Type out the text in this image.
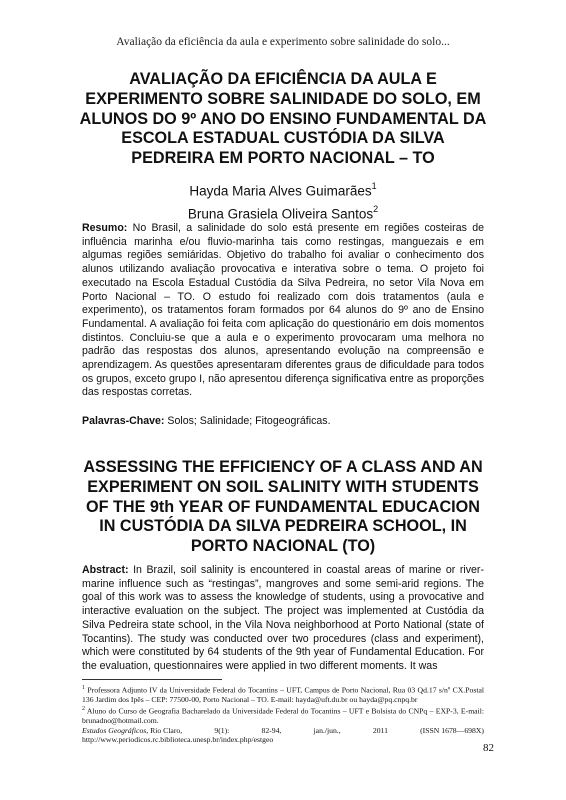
Avaliação da eficiência da aula e experimento sobre salinidade do solo...
AVALIAÇÃO DA EFICIÊNCIA DA AULA E EXPERIMENTO SOBRE SALINIDADE DO SOLO, EM ALUNOS DO 9º ANO DO ENSINO FUNDAMENTAL DA ESCOLA ESTADUAL CUSTÓDIA DA SILVA PEDREIRA EM PORTO NACIONAL – TO
Hayda Maria Alves Guimarães$^1$
Bruna Grasiela Oliveira Santos$^2$

Resumo: No Brasil, a salinidade do solo está presente em regiões costeiras de influência marinha e/ou fluvio-marinha tais como restingas, manguezais e em algumas regiões semiáridas. Objetivo do trabalho foi avaliar o conhecimento dos alunos utilizando avaliação provocativa e interativa sobre o tema. O projeto foi executado na Escola Estadual Custódia da Silva Pedreira, no setor Vila Nova em Porto Nacional – TO. O estudo foi realizado com dois tratamentos (aula e experimento), os tratamentos foram formados por 64 alunos do 9º ano de Ensino Fundamental. A avaliação foi feita com aplicação do questionário em dois momentos distintos. Concluiu-se que a aula e o experimento provocaram uma melhora no padrão das respostas dos alunos, apresentando evolução na compreensão e aprendizagem. As questões apresentaram diferentes graus de dificuldade para todos os grupos, exceto grupo I, não apresentou diferença significativa entre as proporções das respostas corretas.

Palavras-Chave: Solos; Salinidade; Fitogeográficas.

ASSESSING THE EFFICIENCY OF A CLASS AND AN EXPERIMENT ON SOIL SALINITY WITH STUDENTS OF THE 9th YEAR OF FUNDAMENTAL EDUCACION IN CUSTÓDIA DA SILVA PEDREIRA SCHOOL, IN PORTO NACIONAL (TO)

Abstract: In Brazil, soil salinity is encountered in coastal areas of marine or river-marine influence such as “restingas”, mangroves and some semi-arid regions. The goal of this work was to assess the knowledge of students, using a provocative and interactive evaluation on the subject. The project was implemented at Custódia da Silva Pedreira state school, in the Vila Nova neighborhood at Porto National (state of Tocantins). The study was conducted over two procedures (class and experiment), which were constituted by 64 students of the 9th year of Fundamental Education. For the evaluation, questionnaires were applied in two different moments. It was

$^1$ Professora Adjunto IV da Universidade Federal do Tocantins – UFT, Campus de Porto Nacional, Rua 03 Qd.17 s/nº CX.Postal 136 Jardim dos Ipês – CEP: 77500-00, Porto Nacional – TO. E-mail: hayda@uft.du.br ou hayda@pq.cnpq.br

$^2$ Aluno do Curso de Geografia Bacharelado da Universidade Federal do Tocantins – UFT e Bolsista do CNPq – EXP-3, E-mail: brunadno@hotmail.com.

Estudos Geográficos, Rio Claro,	9(1):	82-94,	jan./jun.,	2011	(ISSN 1678—698X)

http://www.periodicos.rc.biblioteca.unesp.br/index.php/estgeo

82
